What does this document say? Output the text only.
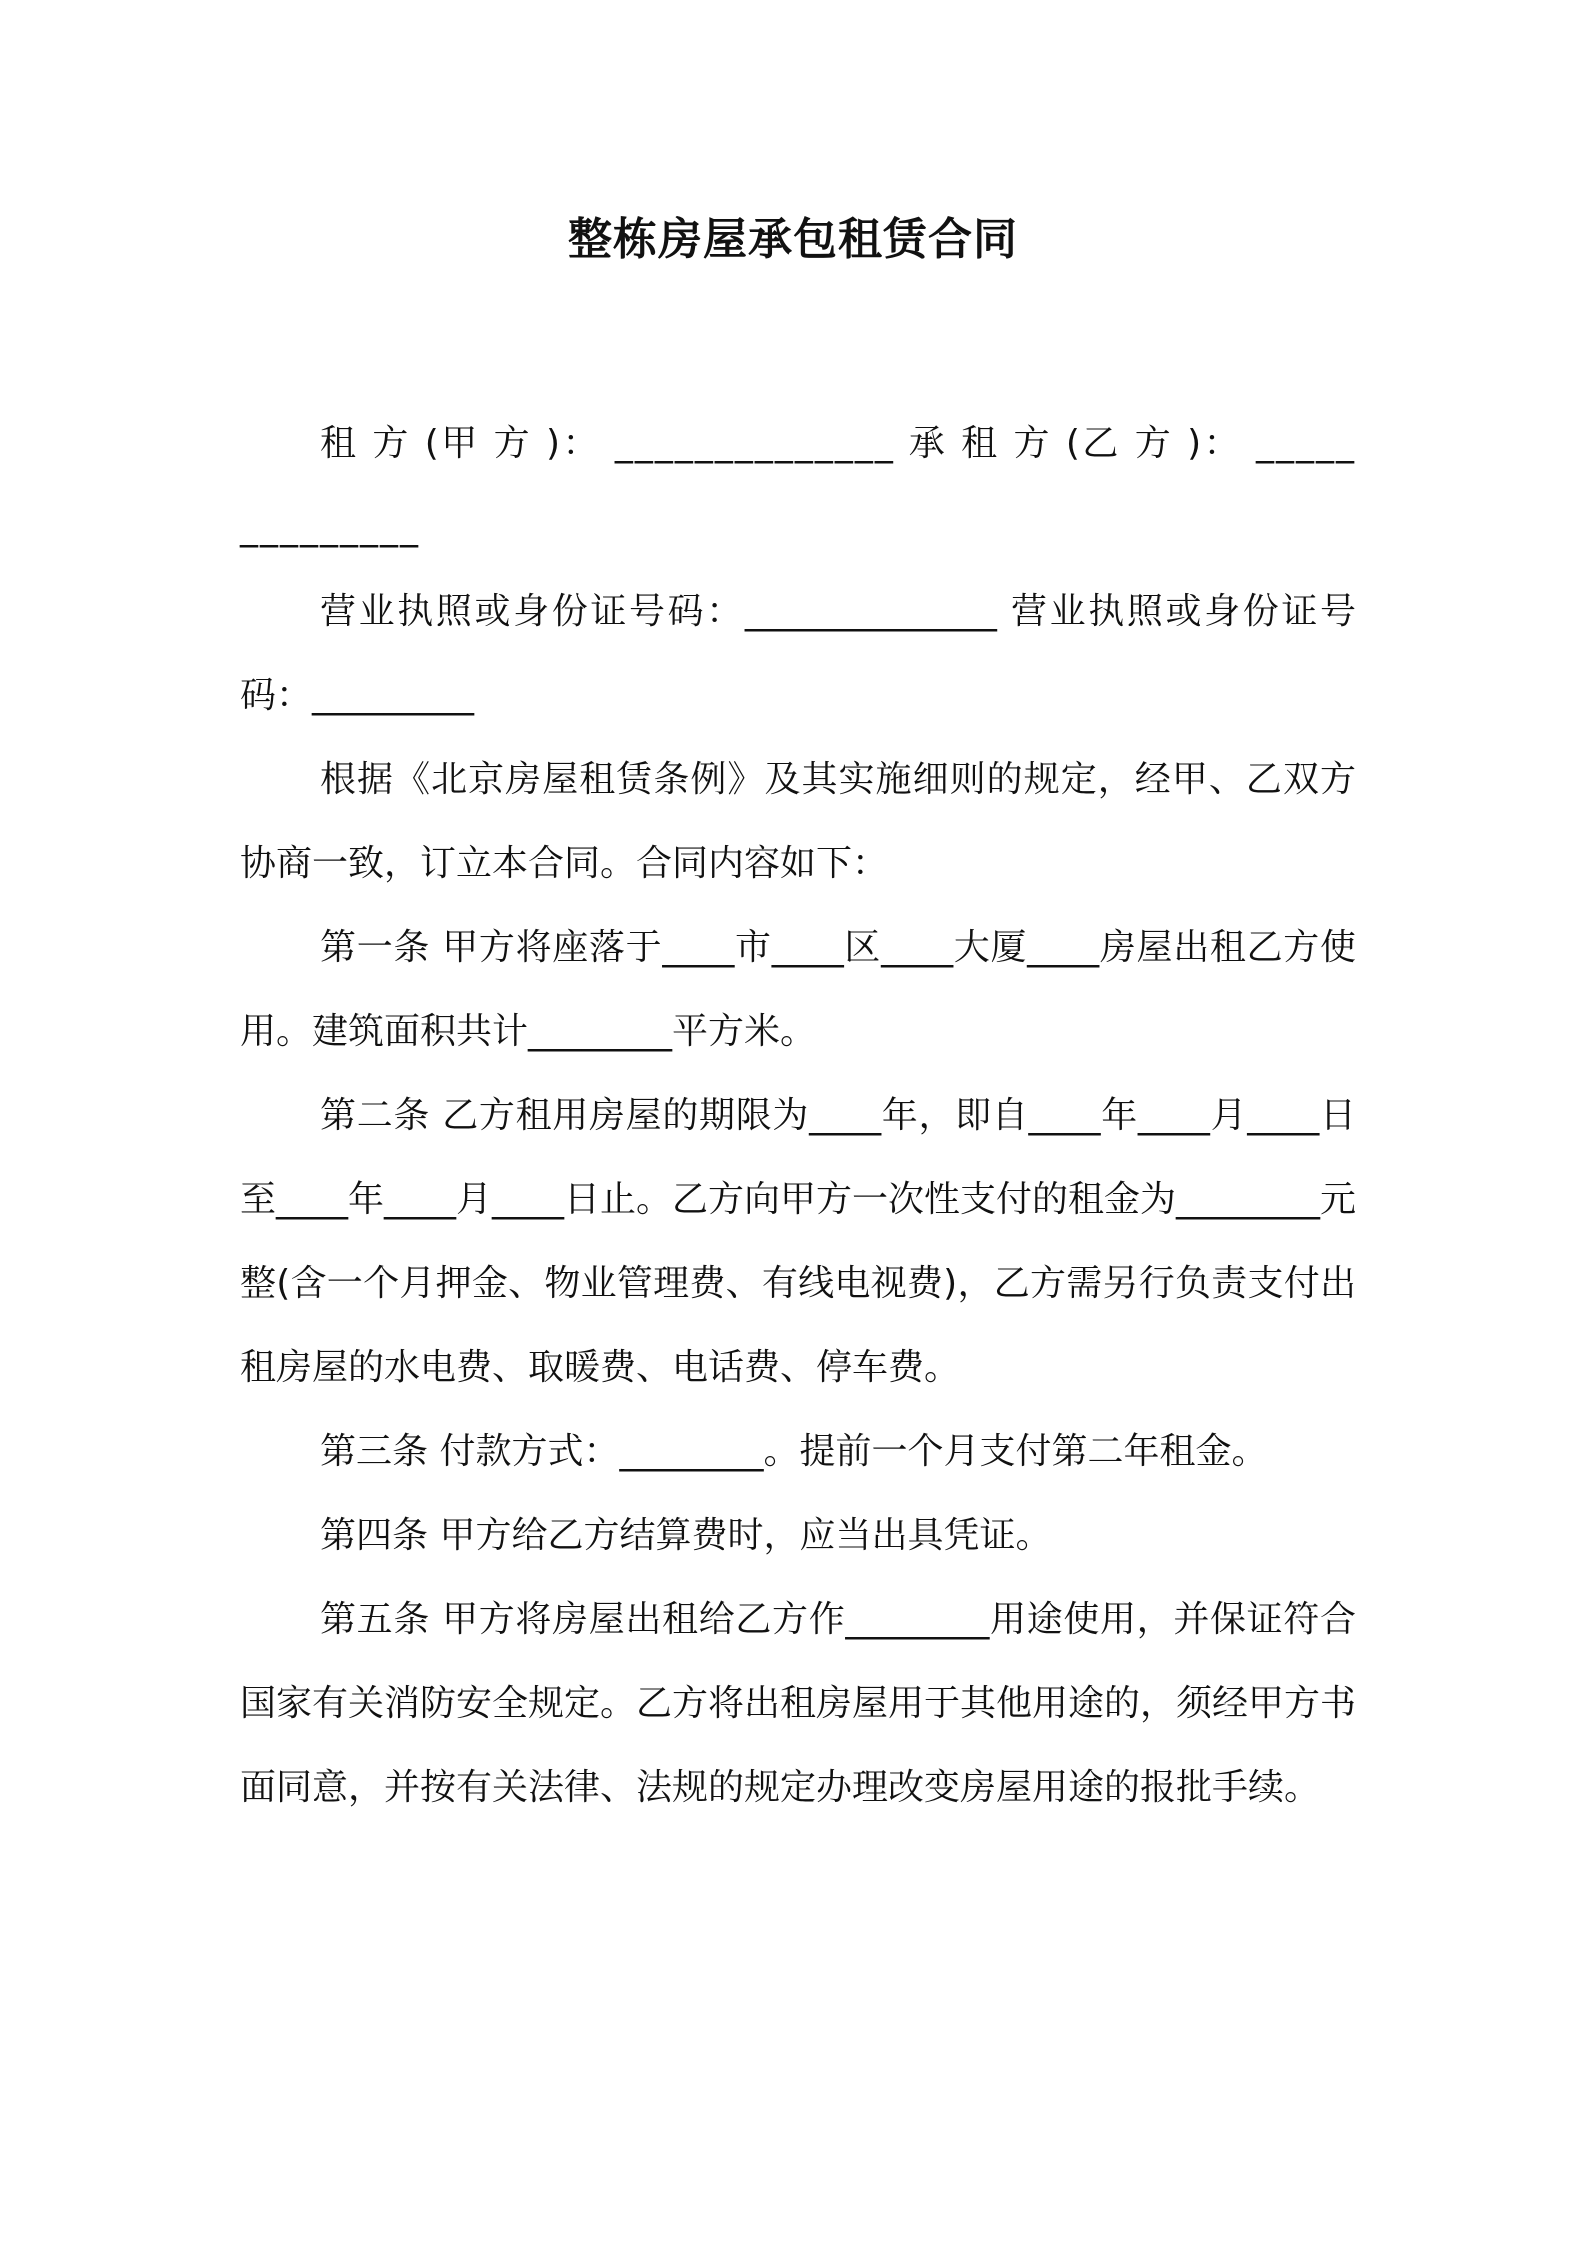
整栋房屋承包租赁合同

租 方 (甲 方 )： ______________ 承 租 方 (乙 方 )： ______________

营业执照或身份证号码：______________ 营业执照或身份证号码：_________

根据《北京房屋租赁条例》及其实施细则的规定，经甲、乙双方协商一致，订立本合同。合同内容如下：

第一条 甲方将座落于____市____区____大厦____房屋出租乙方使用。建筑面积共计________平方米。

第二条 乙方租用房屋的期限为____年，即自____年____月____日至____年____月____日止。乙方向甲方一次性支付的租金为________元整(含一个月押金、物业管理费、有线电视费)，乙方需另行负责支付出租房屋的水电费、取暖费、电话费、停车费。

第三条 付款方式：________。提前一个月支付第二年租金。

第四条 甲方给乙方结算费时，应当出具凭证。

第五条 甲方将房屋出租给乙方作________用途使用，并保证符合国家有关消防安全规定。乙方将出租房屋用于其他用途的，须经甲方书面同意，并按有关法律、法规的规定办理改变房屋用途的报批手续。
